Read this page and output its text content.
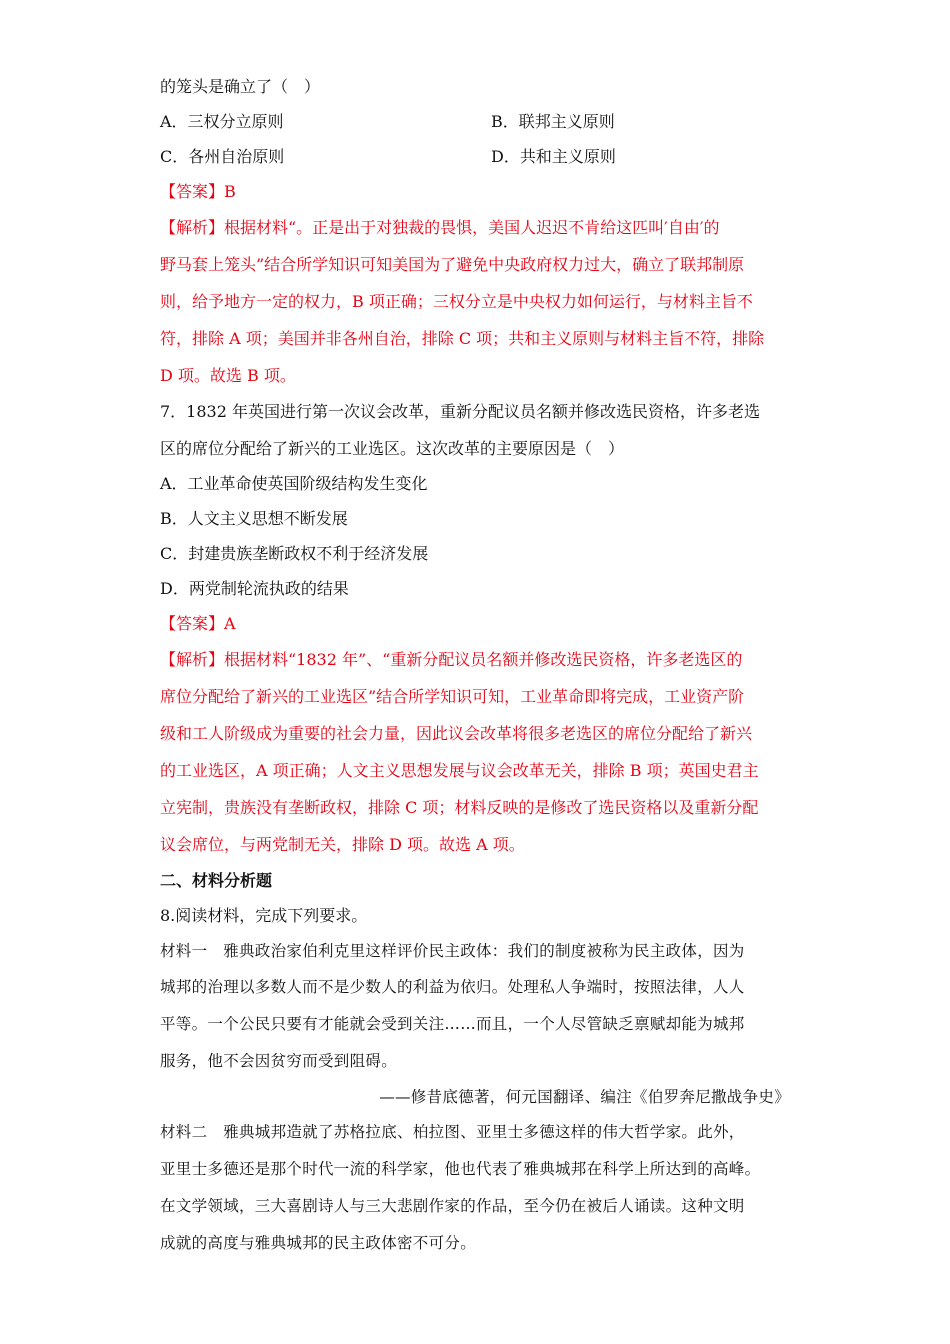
的笼头是确立了（　）
A．三权分立原则	B．联邦主义原则
C．各州自治原则	D．共和主义原则
【答案】B
【解析】根据材料“。正是出于对独裁的畏惧，美国人迟迟不肯给这匹叫′自由′的
野马套上笼头”结合所学知识可知美国为了避免中央政府权力过大，确立了联邦制原
则，给予地方一定的权力，B 项正确；三权分立是中央权力如何运行，与材料主旨不
符，排除 A 项；美国并非各州自治，排除 C 项；共和主义原则与材料主旨不符，排除
D 项。故选 B 项。
7．1832 年英国进行第一次议会改革，重新分配议员名额并修改选民资格，许多老选
区的席位分配给了新兴的工业选区。这次改革的主要原因是（　）
A．工业革命使英国阶级结构发生变化
B．人文主义思想不断发展
C．封建贵族垄断政权不利于经济发展
D．两党制轮流执政的结果
【答案】A
【解析】根据材料“1832 年”、“重新分配议员名额并修改选民资格，许多老选区的
席位分配给了新兴的工业选区”结合所学知识可知，工业革命即将完成，工业资产阶
级和工人阶级成为重要的社会力量，因此议会改革将很多老选区的席位分配给了新兴
的工业选区，A 项正确；人文主义思想发展与议会改革无关，排除 B 项；英国史君主
立宪制，贵族没有垄断政权，排除 C 项；材料反映的是修改了选民资格以及重新分配
议会席位，与两党制无关，排除 D 项。故选 A 项。
二、材料分析题
8.阅读材料，完成下列要求。
材料一　雅典政治家伯利克里这样评价民主政体：我们的制度被称为民主政体，因为
城邦的治理以多数人而不是少数人的利益为依归。处理私人争端时，按照法律，人人
平等。一个公民只要有才能就会受到关注……而且，一个人尽管缺乏禀赋却能为城邦
服务，他不会因贫穷而受到阻碍。
——修昔底德著，何元国翻译、编注《伯罗奔尼撒战争史》
材料二　雅典城邦造就了苏格拉底、柏拉图、亚里士多德这样的伟大哲学家。此外，
亚里士多德还是那个时代一流的科学家，他也代表了雅典城邦在科学上所达到的高峰。
在文学领域，三大喜剧诗人与三大悲剧作家的作品，至今仍在被后人诵读。这种文明
成就的高度与雅典城邦的民主政体密不可分。
